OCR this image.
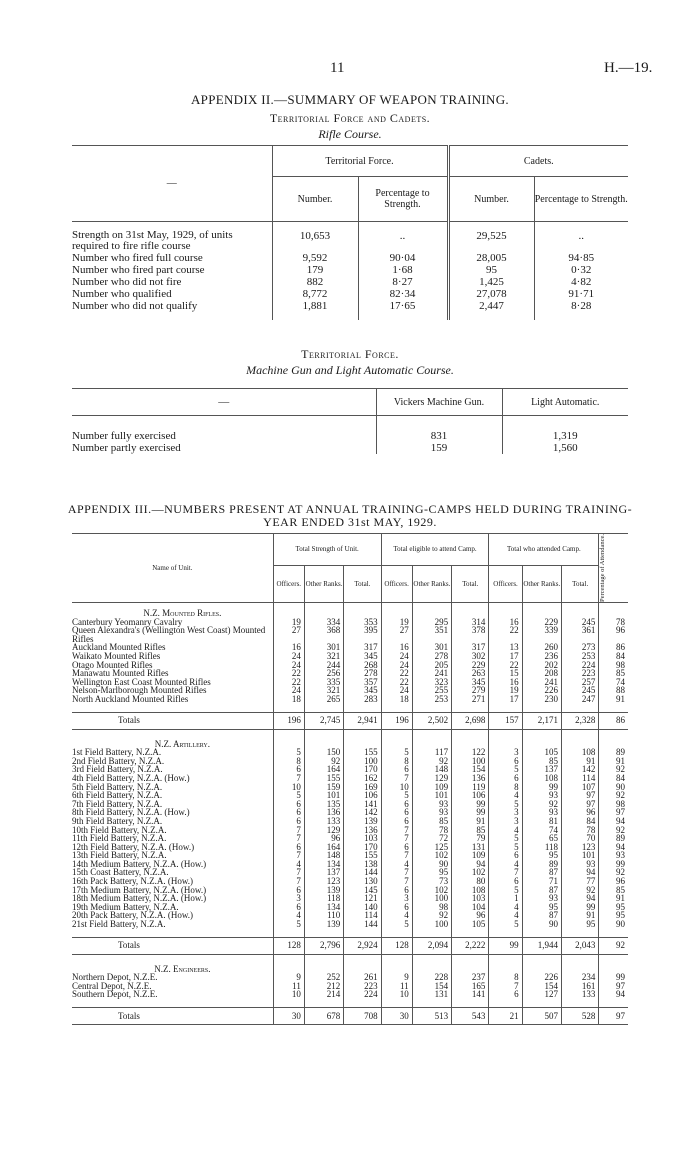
11	H.—19.
APPENDIX II.—SUMMARY OF WEAPON TRAINING.
Territorial Force and Cadets.
Rifle Course.
—	Territorial Force.		Cadets.	
	Number.	Percentage to Strength.	Number.	Percentage to Strength.
Strength on 31st May, 1929, of units required to fire rifle course	10,653	..	29,525	..
Number who fired full course	9,592	90·04	28,005	94·85
Number who fired part course	179	1·68	95	0·32
Number who did not fire	882	8·27	1,425	4·82
Number who qualified	8,772	82·34	27,078	91·71
Number who did not qualify	1,881	17·65	2,447	8·28

Territorial Force.
Machine Gun and Light Automatic Course.
—	Vickers Machine Gun.	Light Automatic.
Number fully exercised	831	1,319
Number partly exercised	159	1,560
APPENDIX III.—NUMBERS PRESENT AT ANNUAL TRAINING-CAMPS HELD DURING TRAINING-YEAR ENDED 31st MAY, 1929.
Name of Unit.	Total Strength of Unit.			Total eligible to attend Camp.			Total who attended Camp.			Percentage of Attendance.

	Officers.	Other Ranks.	Total.	Officers.	Other Ranks.	Total.	Officers.	Other Ranks.	Total.	

N.Z. Mounted Rifles.										
Canterbury Yeomanry Cavalry	19	334	353	19	295	314	16	229	245	78
Queen Alexandra's (Wellington West Coast) Mounted Rifles	27	368	395	27	351	378	22	339	361	96
Auckland Mounted Rifles	16	301	317	16	301	317	13	260	273	86
Waikato Mounted Rifles	24	321	345	24	278	302	17	236	253	84
Otago Mounted Rifles	24	244	268	24	205	229	22	202	224	98
Manawatu Mounted Rifles	22	256	278	22	241	263	15	208	223	85
Wellington East Coast Mounted Rifles	22	335	357	22	323	345	16	241	257	74
Nelson-Marlborough Mounted Rifles	24	321	345	24	255	279	19	226	245	88
North Auckland Mounted Rifles	18	265	283	18	253	271	17	230	247	91

Totals	196	2,745	2,941	196	2,502	2,698	157	2,171	2,328	86

N.Z. Artillery.										
1st Field Battery, N.Z.A.	5	150	155	5	117	122	3	105	108	89
2nd Field Battery, N.Z.A.	8	92	100	8	92	100	6	85	91	91
3rd Field Battery, N.Z.A.	6	164	170	6	148	154	5	137	142	92
4th Field Battery, N.Z.A. (How.)	7	155	162	7	129	136	6	108	114	84
5th Field Battery, N.Z.A.	10	159	169	10	109	119	8	99	107	90
6th Field Battery, N.Z.A.	5	101	106	5	101	106	4	93	97	92
7th Field Battery, N.Z.A.	6	135	141	6	93	99	5	92	97	98
8th Field Battery, N.Z.A. (How.)	6	136	142	6	93	99	3	93	96	97
9th Field Battery, N.Z.A.	6	133	139	6	85	91	3	81	84	94
10th Field Battery, N.Z.A.	7	129	136	7	78	85	4	74	78	92
11th Field Battery, N.Z.A.	7	96	103	7	72	79	5	65	70	89
12th Field Battery, N.Z.A. (How.)	6	164	170	6	125	131	5	118	123	94
13th Field Battery, N.Z.A.	7	148	155	7	102	109	6	95	101	93
14th Medium Battery, N.Z.A. (How.)	4	134	138	4	90	94	4	89	93	99
15th Coast Battery, N.Z.A.	7	137	144	7	95	102	7	87	94	92
16th Pack Battery, N.Z.A. (How.)	7	123	130	7	73	80	6	71	77	96
17th Medium Battery, N.Z.A. (How.)	6	139	145	6	102	108	5	87	92	85
18th Medium Battery, N.Z.A. (How.)	3	118	121	3	100	103	1	93	94	91
19th Medium Battery, N.Z.A.	6	134	140	6	98	104	4	95	99	95
20th Pack Battery, N.Z.A. (How.)	4	110	114	4	92	96	4	87	91	95
21st Field Battery, N.Z.A.	5	139	144	5	100	105	5	90	95	90

Totals	128	2,796	2,924	128	2,094	2,222	99	1,944	2,043	92

N.Z. Engineers.										
Northern Depot, N.Z.E.	9	252	261	9	228	237	8	226	234	99
Central Depot, N.Z.E.	11	212	223	11	154	165	7	154	161	97
Southern Depot, N.Z.E.	10	214	224	10	131	141	6	127	133	94

Totals	30	678	708	30	513	543	21	507	528	97
